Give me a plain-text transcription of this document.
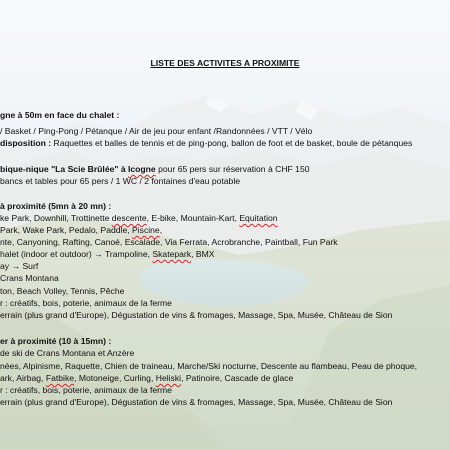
LISTE DES ACTIVITES A PROXIMITE
gne à 50m en face du chalet :
/ Basket / Ping-Pong / Pétanque / Air de jeu pour enfant /Randonnées / VTT / Vélo
disposition : Raquettes et balles de tennis et de ping-pong, ballon de foot et de basket, boule de pétanques
bique-nique "La Scie Brûlée" à Icogne pour 65 pers sur réservation à CHF 150
bancs et tables pour 65 pers / 1 WC / 2 fontaines d'eau potable
à proximité (5mn à 20 mn) :
ke Park, Downhill, Trottinette descente, E-bike, Mountain-Kart, Equitation
Park, Wake Park, Pedalo, Paddle, Piscine,
nte, Canyoning, Rafting, Canoé, Escalade, Via Ferrata, Acrobranche, Paintball, Fun Park
halet (indoor et outdoor) → Trampoline, Skatepark, BMX
ay → Surf
Crans Montana
ton, Beach Volley, Tennis, Pêche
r : créatifs, bois, poterie, animaux de la ferme
errain (plus grand d'Europe), Dégustation de vins & fromages, Massage, Spa, Musée, Château de Sion
er à proximité (10 à 15mn) :
de ski de Crans Montana et Anzère
nées, Alpinisme, Raquette, Chien de traineau, Marche/Ski nocturne, Descente au flambeau, Peau de phoque,
ark, Airbag, Fatbike, Motoneige, Curling, Heliski, Patinoire, Cascade de glace
r : créatifs, bois, poterie, animaux de la ferme
errain (plus grand d'Europe), Dégustation de vins & fromages, Massage, Spa, Musée, Château de Sion
